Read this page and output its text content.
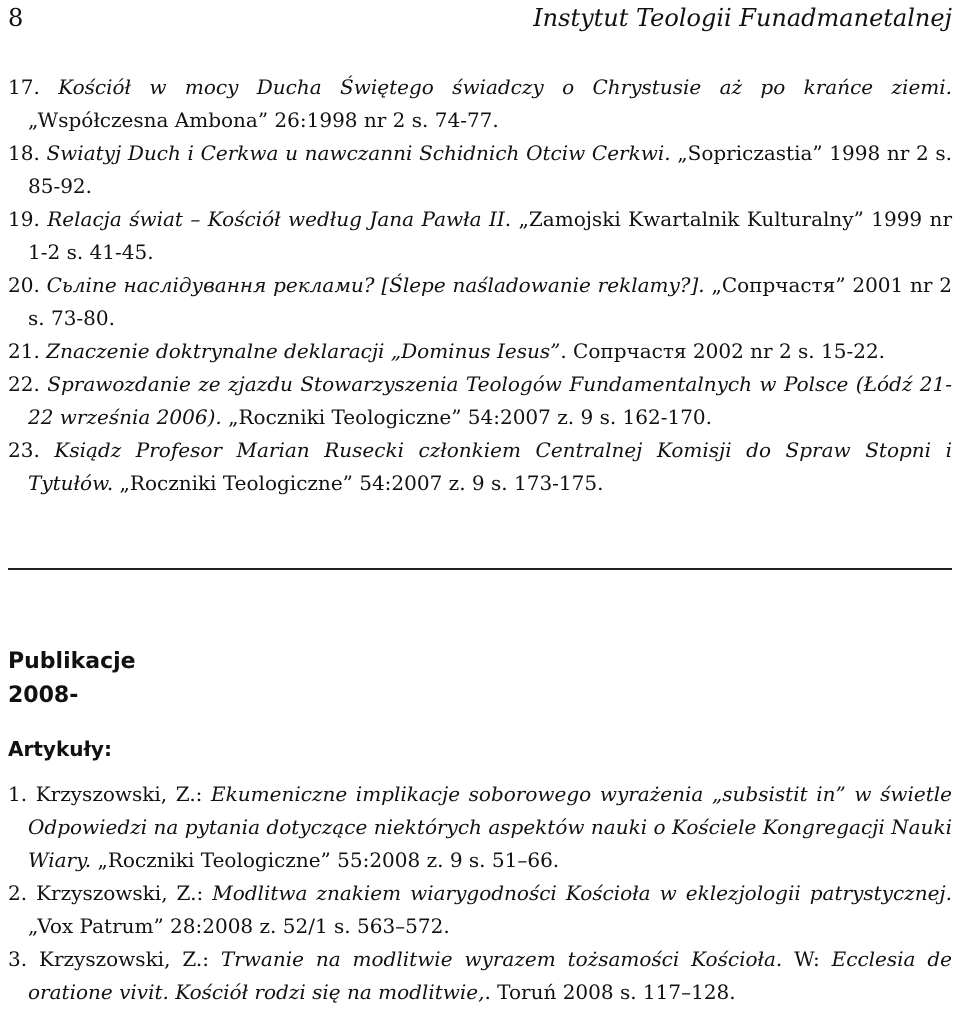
8	Instytut Teologii Funadmanetalnej

17. Kościół w mocy Ducha Świętego świadczy o Chrystusie aż po krańce ziemi. „Współczesna Ambona” 26:1998 nr 2 s. 74-77.

18. Swiatyj Duch i Cerkwa u nawczanni Schidnich Otciw Cerkwi. „Sopriczastia” 1998 nr 2 s. 85-92.

19. Relacja świat – Kościół według Jana Pawła II. „Zamojski Kwartalnik Kulturalny” 1999 nr 1-2 s. 41-45.

20. Сьліпе наслідування реклами? [Ślepe naśladowanie reklamy?]. „Сопрчастя” 2001 nr 2 s. 73-80.

21. Znaczenie doktrynalne deklaracji „Dominus Iesus”. Сопрчастя 2002 nr 2 s. 15-22.

22. Sprawozdanie ze zjazdu Stowarzyszenia Teologów Fundamentalnych w Polsce (Łódź 21-22 września 2006). „Roczniki Teologiczne” 54:2007 z. 9 s. 162-170.

23. Ksiądz Profesor Marian Rusecki członkiem Centralnej Komisji do Spraw Stopni i Tytułów. „Roczniki Teologiczne” 54:2007 z. 9 s. 173-175.

Publikacje
2008-
Artykuły:

1. Krzyszowski, Z.: Ekumeniczne implikacje soborowego wyrażenia „subsistit in” w świetle Odpowiedzi na pytania dotyczące niektórych aspektów nauki o Kościele Kongregacji Nauki Wiary. „Roczniki Teologiczne” 55:2008 z. 9 s. 51–66.

2. Krzyszowski, Z.: Modlitwa znakiem wiarygodności Kościoła w eklezjologii patrystycznej. „Vox Patrum” 28:2008 z. 52/1 s. 563–572.

3. Krzyszowski, Z.: Trwanie na modlitwie wyrazem tożsamości Kościoła. W: Ecclesia de oratione vivit. Kościół rodzi się na modlitwie,. Toruń 2008 s. 117–128.
